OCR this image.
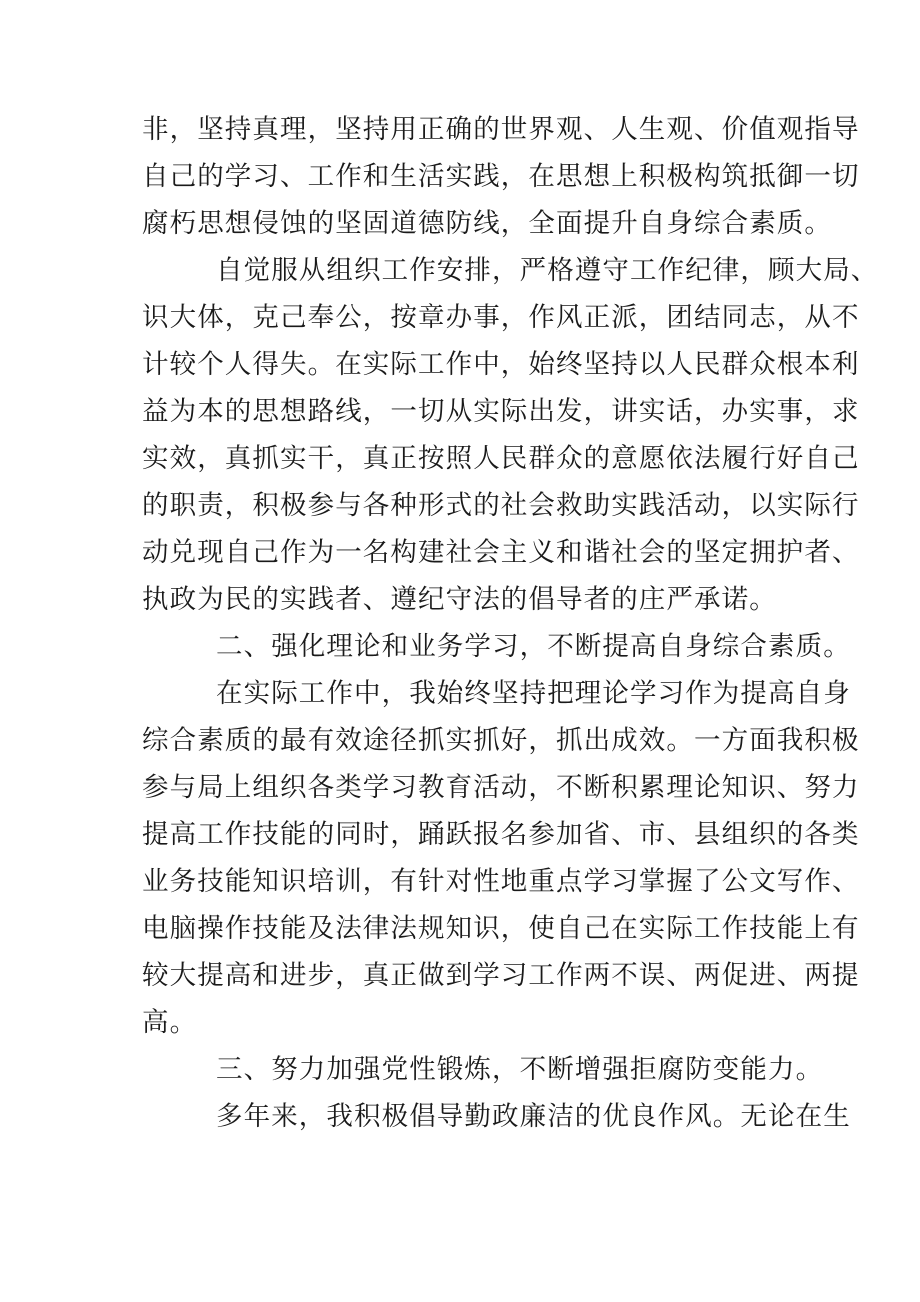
非，坚持真理，坚持用正确的世界观、人生观、价值观指导
自己的学习、工作和生活实践，在思想上积极构筑抵御一切
腐朽思想侵蚀的坚固道德防线，全面提升自身综合素质。
自觉服从组织工作安排，严格遵守工作纪律，顾大局、
识大体，克己奉公，按章办事，作风正派，团结同志，从不
计较个人得失。在实际工作中，始终坚持以人民群众根本利
益为本的思想路线，一切从实际出发，讲实话，办实事，求
实效，真抓实干，真正按照人民群众的意愿依法履行好自己
的职责，积极参与各种形式的社会救助实践活动，以实际行
动兑现自己作为一名构建社会主义和谐社会的坚定拥护者、
执政为民的实践者、遵纪守法的倡导者的庄严承诺。
二、强化理论和业务学习，不断提高自身综合素质。
在实际工作中，我始终坚持把理论学习作为提高自身
综合素质的最有效途径抓实抓好，抓出成效。一方面我积极
参与局上组织各类学习教育活动，不断积累理论知识、努力
提高工作技能的同时，踊跃报名参加省、市、县组织的各类
业务技能知识培训，有针对性地重点学习掌握了公文写作、
电脑操作技能及法律法规知识，使自己在实际工作技能上有
较大提高和进步，真正做到学习工作两不误、两促进、两提
高。
三、努力加强党性锻炼，不断增强拒腐防变能力。
多年来，我积极倡导勤政廉洁的优良作风。无论在生
